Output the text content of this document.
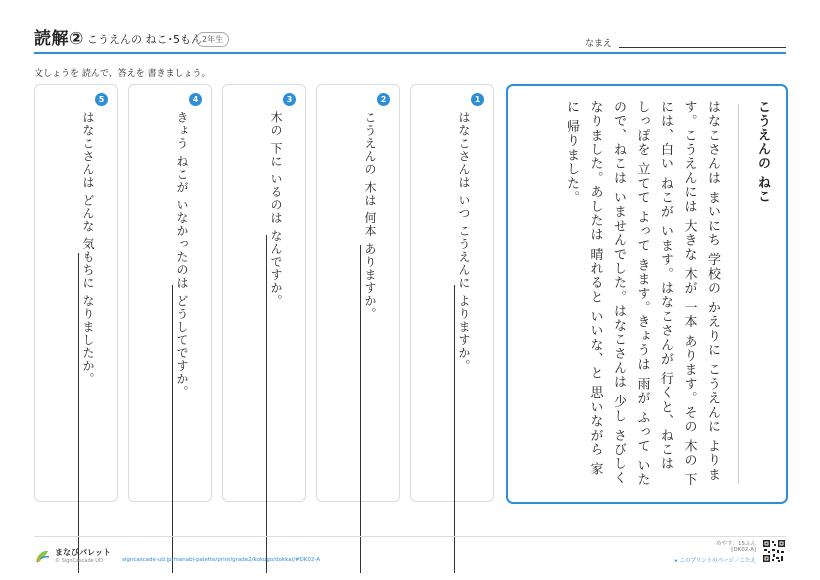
読解② こうえんの ねこ･5もん 2年生	なまえ
文しょうを 読んで、答えを 書きましょう。
5
はなこさんは どんな 気もちに なりましたか。
4
きょう ねこが いなかったのは どうしてですか。
3
木の 下に いるのは なんですか。
2
こうえんの 木は 何本 ありますか。
1
はなこさんは いつ こうえんに よりますか。	こうえんの ねこ
はなこさんは まいにち 学校の かえりに こうえんに よります。こうえんには 大きな 木が 一本 あります。その 木の 下には、白い ねこが います。はなこさんが 行くと、ねこは しっぽを 立てて よって きます。きょうは 雨が ふって いたので、ねこは いませんでした。はなこさんは 少し さびしく なりました。あしたは 晴れると いいな、と 思いながら 家に 帰りました。
まなびパレット
© SignCascade UD	signcascade-ud.jp/manabi-palette/print/grade2/kokugo/dokkai/#DK02-A
めやす：15ふん
[DK02-A]
▸ このプリントのページ／こたえ
